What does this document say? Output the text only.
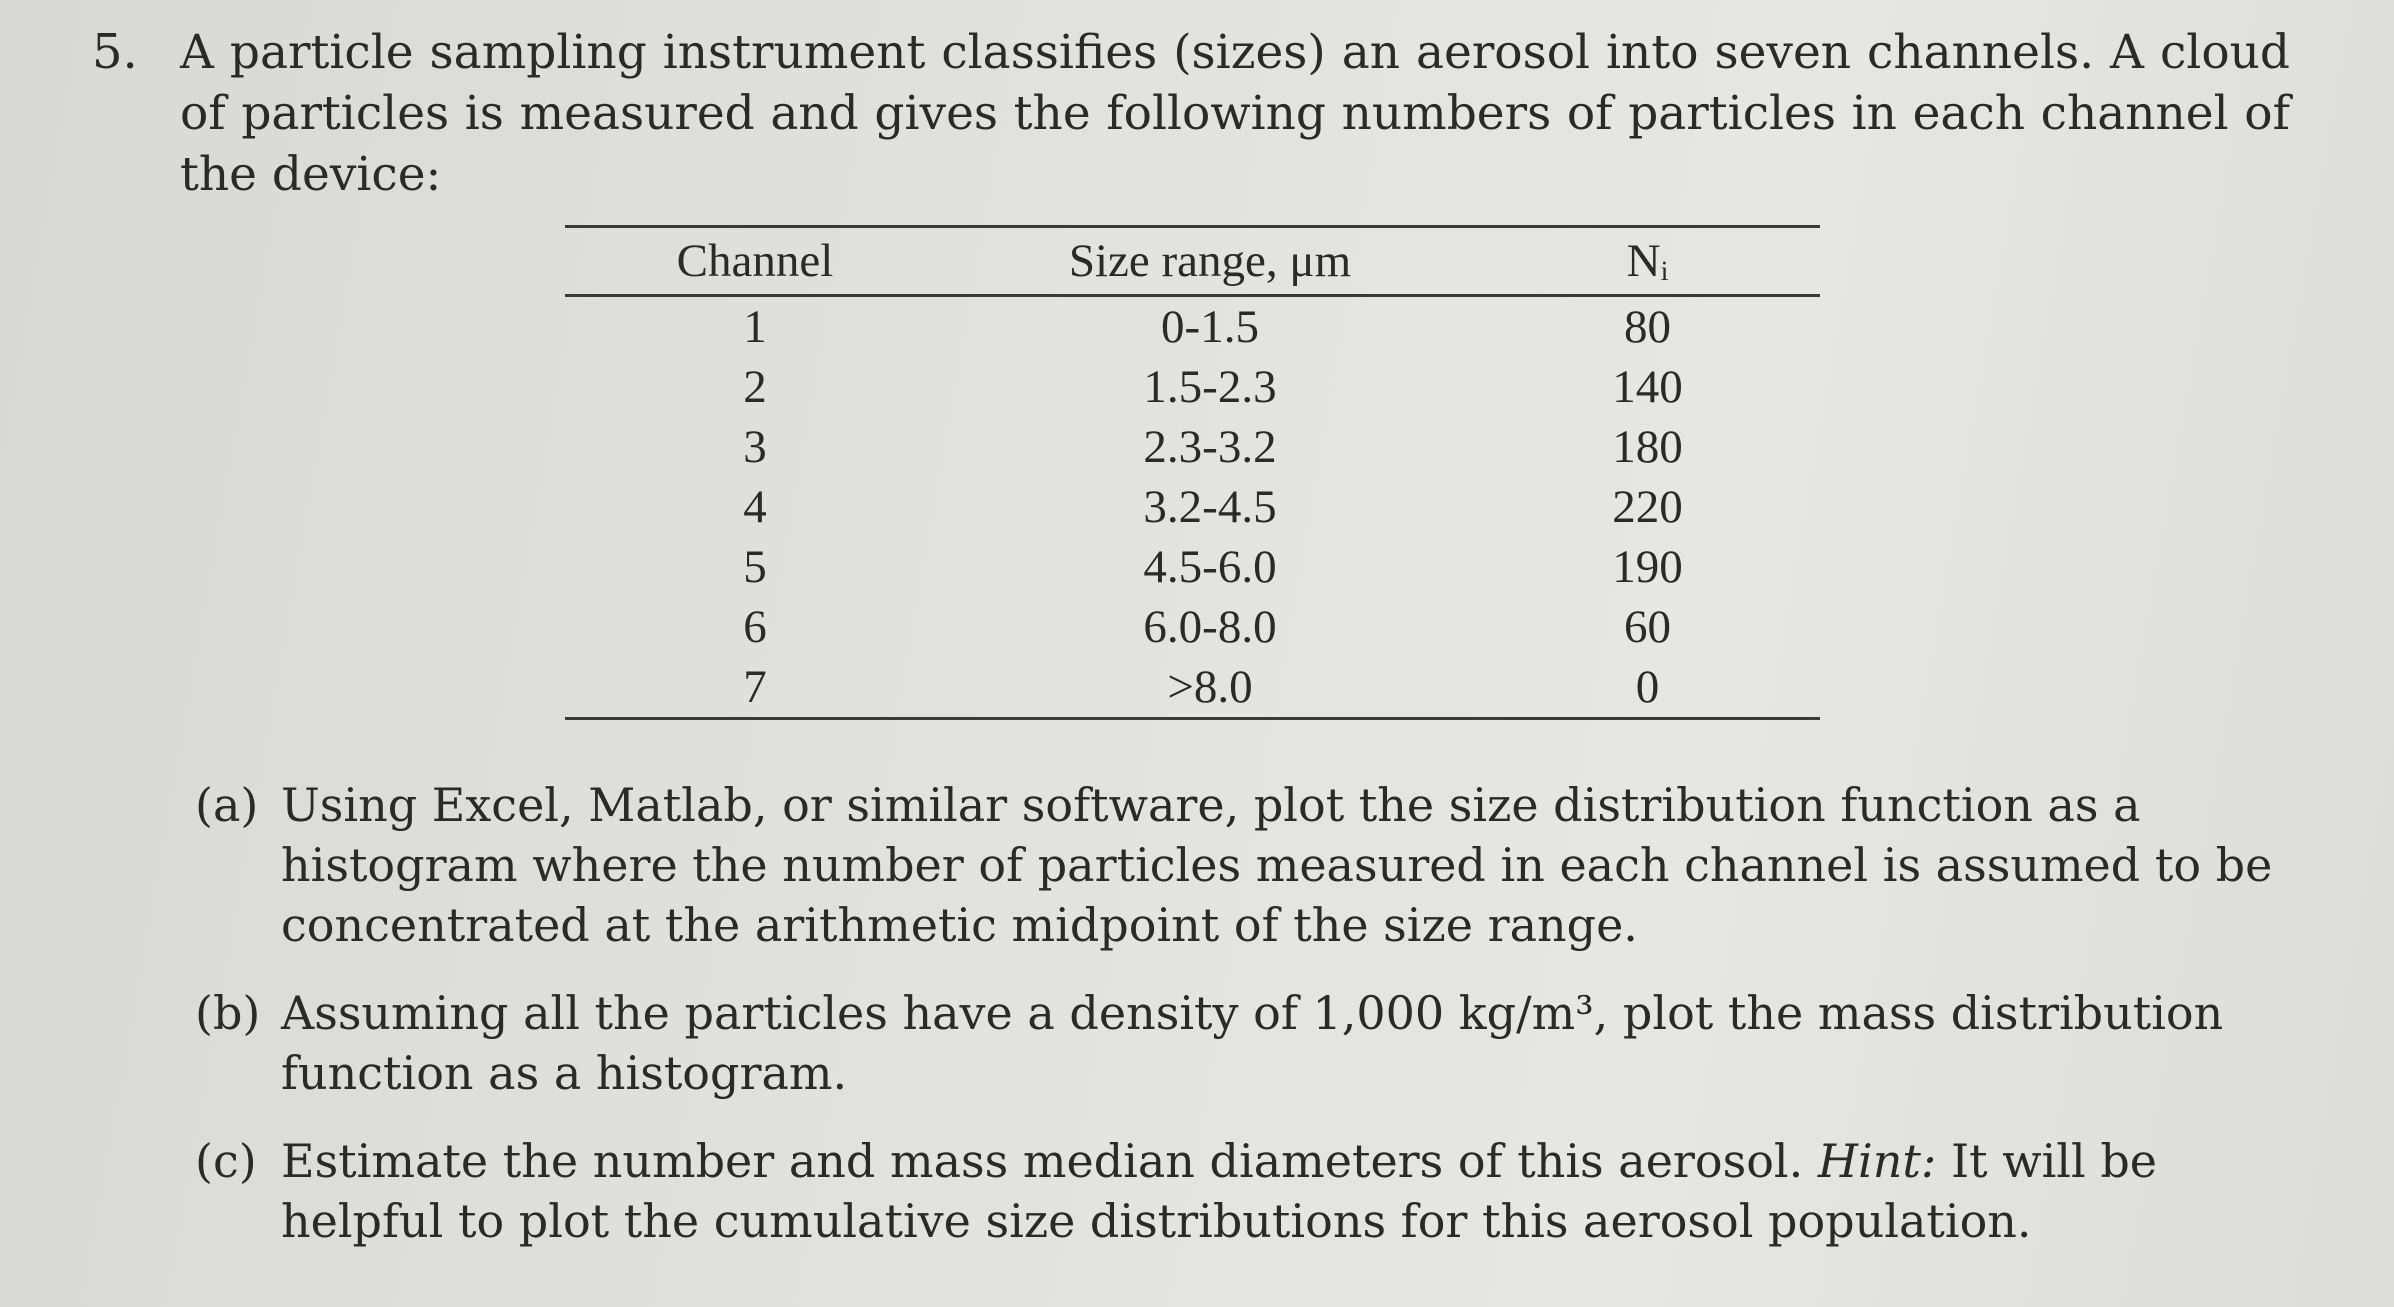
5. A particle sampling instrument classifies (sizes) an aerosol into seven channels. A cloud of particles is measured and gives the following numbers of particles in each channel of the device:
Channel	Size range, μm	Nᵢ
1	0-1.5	80
2	1.5-2.3	140
3	2.3-3.2	180
4	3.2-4.5	220
5	4.5-6.0	190
6	6.0-8.0	60
7	>8.0	0
(a) Using Excel, Matlab, or similar software, plot the size distribution function as a histogram where the number of particles measured in each channel is assumed to be concentrated at the arithmetic midpoint of the size range.
(b) Assuming all the particles have a density of 1,000 kg/m³, plot the mass distribution function as a histogram.
(c) Estimate the number and mass median diameters of this aerosol. Hint: It will be helpful to plot the cumulative size distributions for this aerosol population.
